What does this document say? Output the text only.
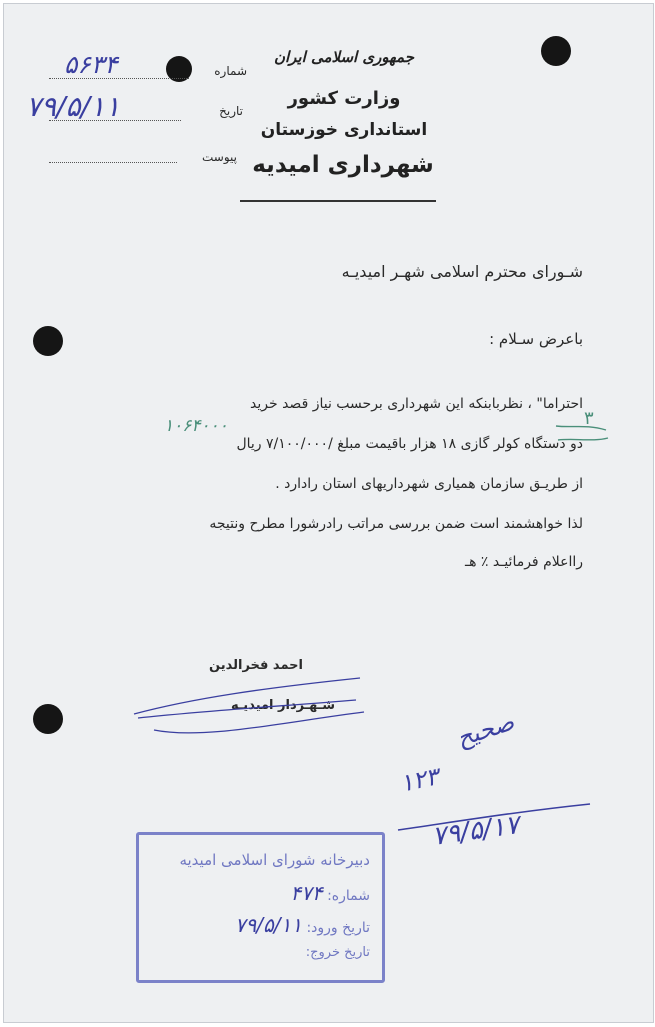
جمهوری اسلامی ایران
وزارت کشور
استانداری خوزستان
شهرداری امیدیه
شماره
۵۶۳۴
تاریخ
۷۹/۵/۱۱
پیوست
شـورای محترم اسلامی شهـر امیدیـه
باعرض سـلام :
احتراما" ، نظربابنکه این شهرداری برحسب نیاز قصد خرید
دو دستگاه کولر گازی ۱۸ هزار باقیمت مبلغ /۷/۱۰۰/۰۰۰ ریال
۱۰۶۴۰۰۰	۳
از طریـق سازمان همیاری شهرداریهای استان رادارد .
لذا خواهشمند است ضمن بررسی مراتب رادرشورا مطرح ونتیجه
رااعلام فرمائیـد ٪ هـ
احمد فخرالدین
شـهـردار امیدیـه
صحیح
۱۲۳
۷۹/۵/۱۷
دبیرخانه شورای اسلامی امیدیه
شماره: ۴۷۴
تاریخ ورود: ۷۹/۵/۱۱
تاریخ خروج:
